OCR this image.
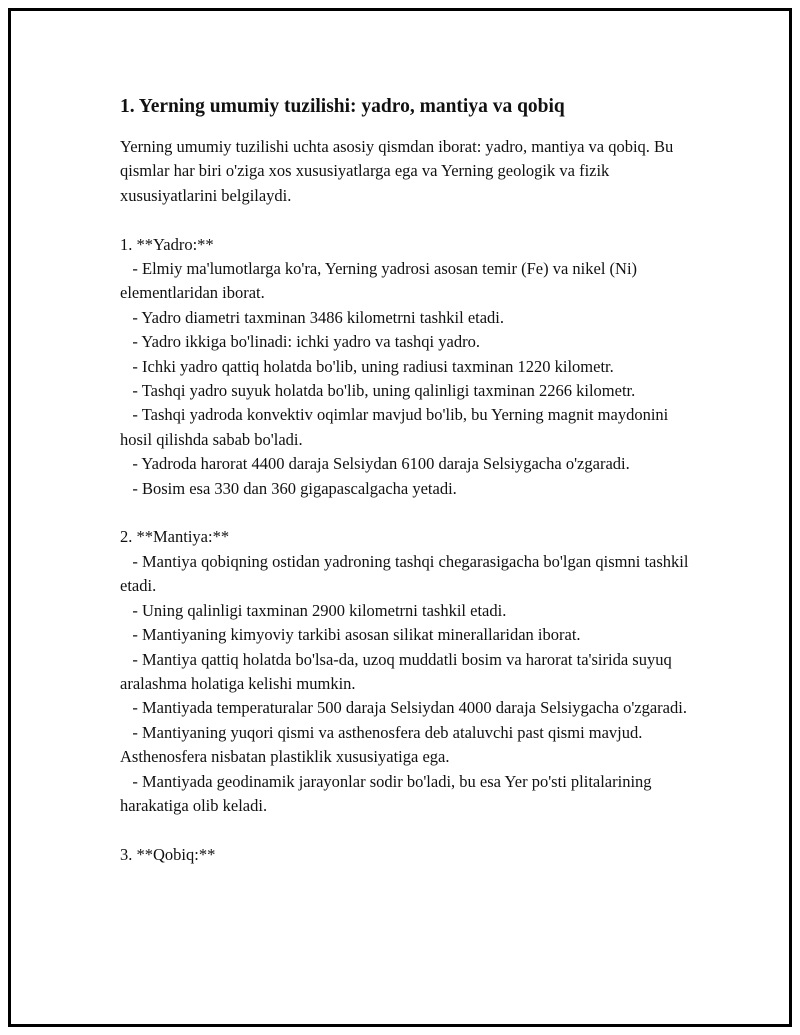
1. Yerning umumiy tuzilishi: yadro, mantiya va qobiq

Yerning umumiy tuzilishi uchta asosiy qismdan iborat: yadro, mantiya va qobiq. Bu qismlar har biri o'ziga xos xususiyatlarga ega va Yerning geologik va fizik xususiyatlarini belgilaydi.

1. **Yadro:**

- Elmiy ma'lumotlarga ko'ra, Yerning yadrosi asosan temir (Fe) va nikel (Ni) elementlaridan iborat.

- Yadro diametri taxminan 3486 kilometrni tashkil etadi.

- Yadro ikkiga bo'linadi: ichki yadro va tashqi yadro.

- Ichki yadro qattiq holatda bo'lib, uning radiusi taxminan 1220 kilometr.

- Tashqi yadro suyuk holatda bo'lib, uning qalinligi taxminan 2266 kilometr.

- Tashqi yadroda konvektiv oqimlar mavjud bo'lib, bu Yerning magnit maydonini hosil qilishda sabab bo'ladi.

- Yadroda harorat 4400 daraja Selsiydan 6100 daraja Selsiygacha o'zgaradi.

- Bosim esa 330 dan 360 gigapascalgacha yetadi.

2. **Mantiya:**

- Mantiya qobiqning ostidan yadroning tashqi chegarasigacha bo'lgan qismni tashkil etadi.

- Uning qalinligi taxminan 2900 kilometrni tashkil etadi.

- Mantiyaning kimyoviy tarkibi asosan silikat minerallaridan iborat.

- Mantiya qattiq holatda bo'lsa-da, uzoq muddatli bosim va harorat ta'sirida suyuq aralashma holatiga kelishi mumkin.

- Mantiyada temperaturalar 500 daraja Selsiydan 4000 daraja Selsiygacha o'zgaradi.

- Mantiyaning yuqori qismi va asthenosfera deb ataluvchi past qismi mavjud. Asthenosfera nisbatan plastiklik xususiyatiga ega.

- Mantiyada geodinamik jarayonlar sodir bo'ladi, bu esa Yer po'sti plitalarining harakatiga olib keladi.

3. **Qobiq:**
